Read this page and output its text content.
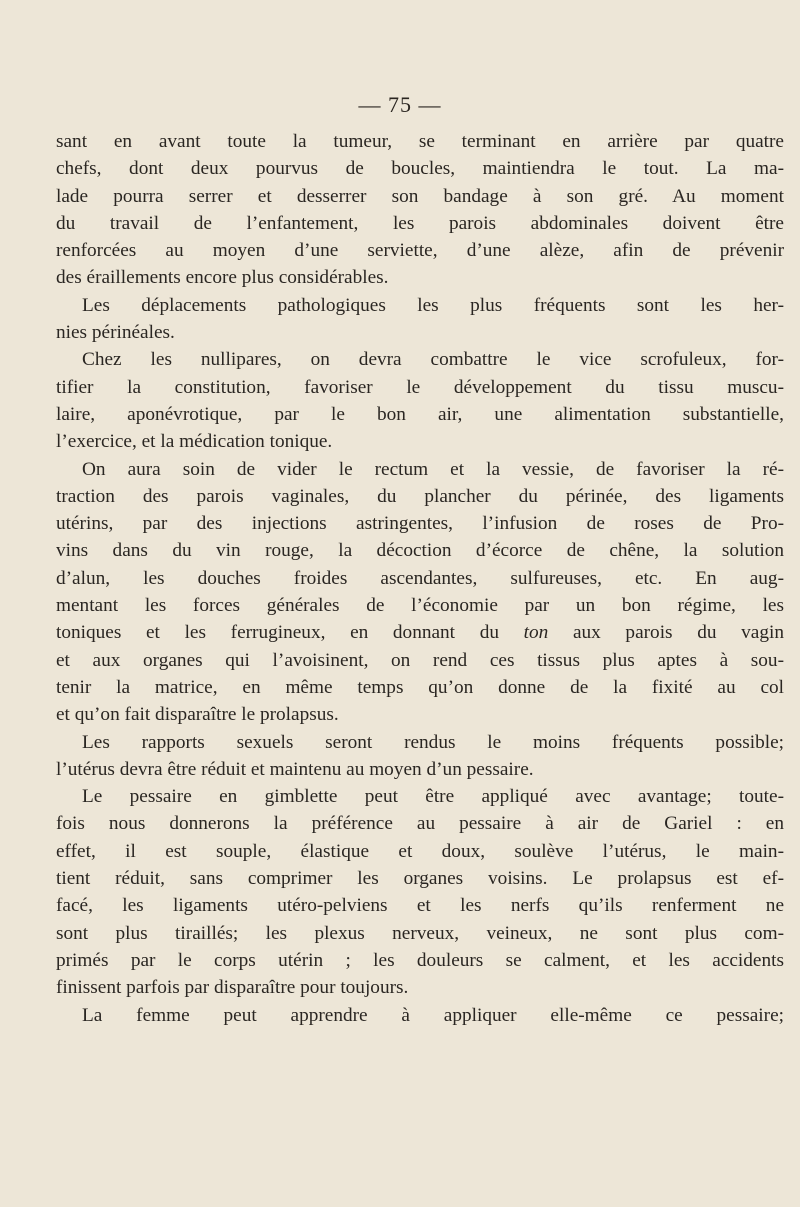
— 75 —
sant en avant toute la tumeur, se terminant en arrière par quatre
chefs, dont deux pourvus de boucles, maintiendra le tout. La ma-
lade pourra serrer et desserrer son bandage à son gré. Au moment
du travail de l’enfantement, les parois abdominales doivent être
renforcées au moyen d’une serviette, d’une alèze, afin de prévenir
des éraillements encore plus considérables.
Les déplacements pathologiques les plus fréquents sont les her-
nies périnéales.
Chez les nullipares, on devra combattre le vice scrofuleux, for-
tifier la constitution, favoriser le développement du tissu muscu-
laire, aponévrotique, par le bon air, une alimentation substantielle,
l’exercice, et la médication tonique.
On aura soin de vider le rectum et la vessie, de favoriser la ré-
traction des parois vaginales, du plancher du périnée, des ligaments
utérins, par des injections astringentes, l’infusion de roses de Pro-
vins dans du vin rouge, la décoction d’écorce de chêne, la solution
d’alun, les douches froides ascendantes, sulfureuses, etc. En aug-
mentant les forces générales de l’économie par un bon régime, les
toniques et les ferrugineux, en donnant du ton aux parois du vagin
et aux organes qui l’avoisinent, on rend ces tissus plus aptes à sou-
tenir la matrice, en même temps qu’on donne de la fixité au col
et qu’on fait disparaître le prolapsus.
Les rapports sexuels seront rendus le moins fréquents possible;
l’utérus devra être réduit et maintenu au moyen d’un pessaire.
Le pessaire en gimblette peut être appliqué avec avantage; toute-
fois nous donnerons la préférence au pessaire à air de Gariel : en
effet, il est souple, élastique et doux, soulève l’utérus, le main-
tient réduit, sans comprimer les organes voisins. Le prolapsus est ef-
facé, les ligaments utéro-pelviens et les nerfs qu’ils renferment ne
sont plus tiraillés; les plexus nerveux, veineux, ne sont plus com-
primés par le corps utérin ; les douleurs se calment, et les accidents
finissent parfois par disparaître pour toujours.
La femme peut apprendre à appliquer elle-même ce pessaire;
